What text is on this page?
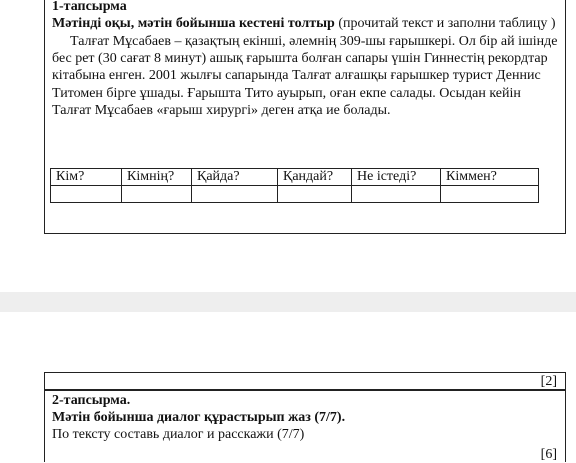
1-тапсырма
Мәтінді оқы, мәтін бойынша кестені толтыр (прочитай текст и заполни таблицу )
Талғат Мұсабаев – қазақтың екінші, әлемнің 309-шы ғарышкері. Ол бір ай ішінде бес рет (30 сағат 8 минут) ашық ғарышта болған сапары үшін Гиннестің рекордтар кітабына енген. 2001 жылғы сапарында Талғат алғашқы ғарышкер турист Деннис Титомен бірге ұшады. Ғарышта Тито ауырып, оған екпе салады. Осыдан кейін Талғат Мұсабаев «ғарыш хирургі» деген атқа ие болады.
Кім?	Кімнің?	Қайда?	Қандай?	Не істеді?	Кіммен?

[2]
2-тапсырма.
Мәтін бойынша диалог құрастырып жаз (7/7).
По тексту составь диалог и расскажи (7/7)
[6]
